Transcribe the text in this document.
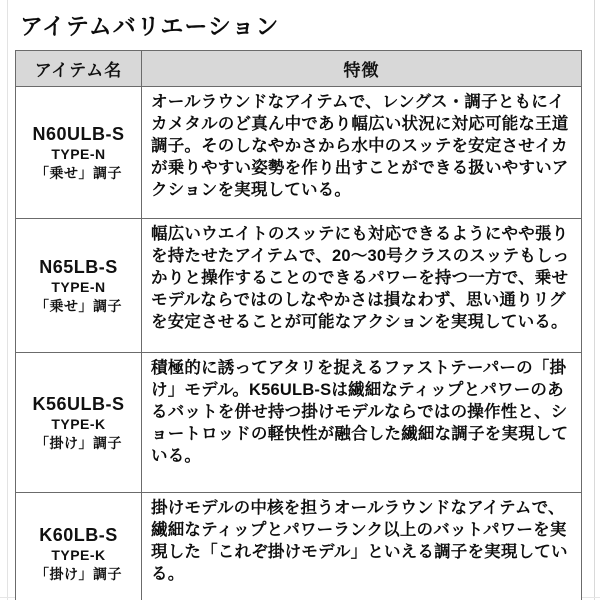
アイテムバリエーション
アイテム名	特徴

N60ULB-S
TYPE-N
「乗せ」調子	オールラウンドなアイテムで、レングス・調子ともにイカメタルのど真ん中であり幅広い状況に対応可能な王道調子。そのしなやかさから水中のスッテを安定させイカが乗りやすい姿勢を作り出すことができる扱いやすいアクションを実現している。

N65LB-S
TYPE-N
「乗せ」調子	幅広いウエイトのスッテにも対応できるようにやや張りを持たせたアイテムで、20〜30号クラスのスッテもしっかりと操作することのできるパワーを持つ一方で、乗せモデルならではのしなやかさは損なわず、思い通りリグを安定させることが可能なアクションを実現している。

K56ULB-S
TYPE-K
「掛け」調子	積極的に誘ってアタリを捉えるファストテーパーの「掛け」モデル。K56ULB-Sは繊細なティップとパワーのあるバットを併せ持つ掛けモデルならではの操作性と、ショートロッドの軽快性が融合した繊細な調子を実現している。

K60LB-S
TYPE-K
「掛け」調子	掛けモデルの中核を担うオールラウンドなアイテムで、繊細なティップとパワーランク以上のバットパワーを実現した「これぞ掛けモデル」といえる調子を実現している。
